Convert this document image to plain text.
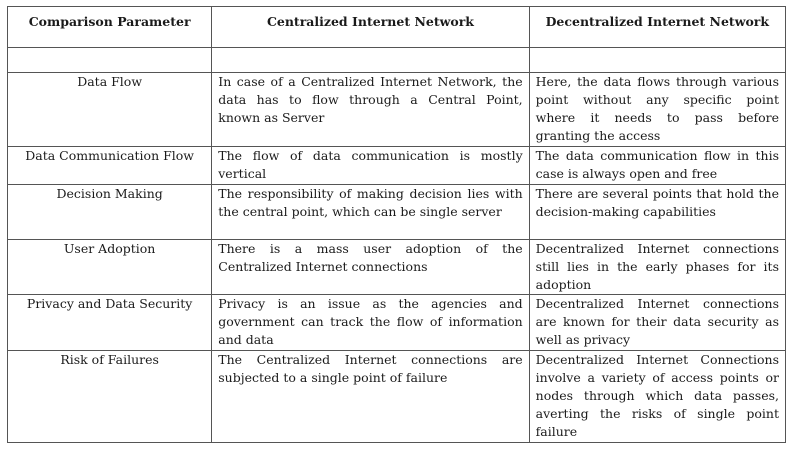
Comparison Parameter	Centralized Internet Network	Decentralized Internet Network

Data Flow	In case of a Centralized Internet Network, the data has to flow through a Central Point, known as Server	Here, the data flows through various point without any specific point where it needs to pass before granting the access
Data Communication Flow	The flow of data communication is mostly vertical	The data communication flow in this case is always open and free
Decision Making	The responsibility of making decision lies with the central point, which can be single server	There are several points that hold the decision-making capabilities
User Adoption	There is a mass user adoption of the Centralized Internet connections	Decentralized Internet connections still lies in the early phases for its adoption
Privacy and Data Security	Privacy is an issue as the agencies and government can track the flow of information and data	Decentralized Internet connections are known for their data security as well as privacy
Risk of Failures	The Centralized Internet connections are subjected to a single point of failure	Decentralized Internet Connections involve a variety of access points or nodes through which data passes, averting the risks of single point failure
